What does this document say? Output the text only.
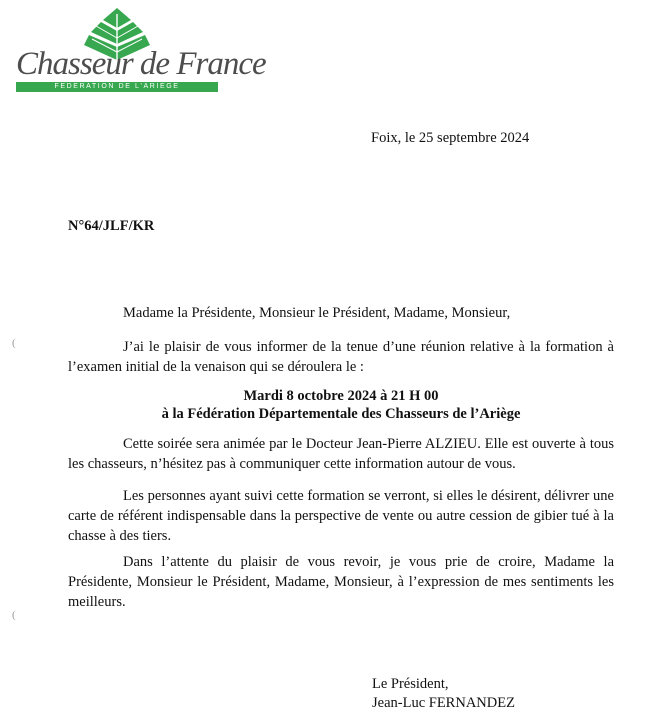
Chasseur de France
FEDERATION DE L'ARIEGE
Foix, le 25 septembre 2024
N°64/JLF/KR
Madame la Présidente, Monsieur le Président, Madame, Monsieur,
(
(

J’ai le plaisir de vous informer de la tenue d’une réunion relative à la formation à l’examen initial de la venaison qui se déroulera le :

Mardi 8 octobre 2024 à 21 H 00
à la Fédération Départementale des Chasseurs de l’Ariège

Cette soirée sera animée par le Docteur Jean-Pierre ALZIEU. Elle est ouverte à tous les chasseurs, n’hésitez pas à communiquer cette information autour de vous.

Les personnes ayant suivi cette formation se verront, si elles le désirent, délivrer une carte de référent indispensable dans la perspective de vente ou autre cession de gibier tué à la chasse à des tiers.

Dans l’attente du plaisir de vous revoir, je vous prie de croire, Madame la Présidente, Monsieur le Président, Madame, Monsieur, à l’expression de mes sentiments les meilleurs.

Le Président,
Jean-Luc FERNANDEZ
